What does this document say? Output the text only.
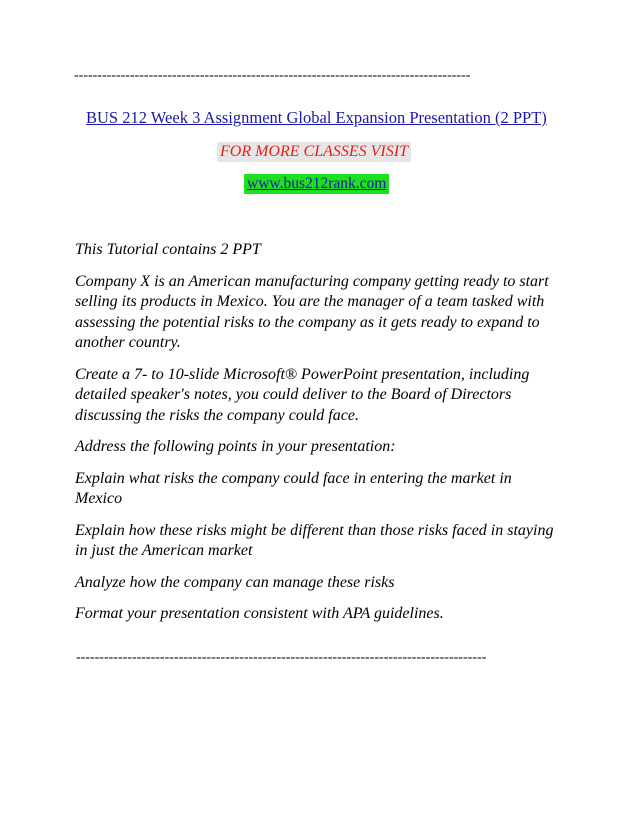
-------------------------------------------------------------------------------------
BUS 212 Week 3 Assignment Global Expansion Presentation (2 PPT)
FOR MORE CLASSES VISIT
www.bus212rank.com

This Tutorial contains 2 PPT

Company X is an American manufacturing company getting ready to start selling its products in Mexico. You are the manager of a team tasked with assessing the potential risks to the company as it gets ready to expand to another country.

Create a 7- to 10-slide Microsoft® PowerPoint presentation, including detailed speaker's notes, you could deliver to the Board of Directors discussing the risks the company could face.

Address the following points in your presentation:

Explain what risks the company could face in entering the market in Mexico

Explain how these risks might be different than those risks faced in staying in just the American market

Analyze how the company can manage these risks

Format your presentation consistent with APA guidelines.

----------------------------------------------------------------------------------------
